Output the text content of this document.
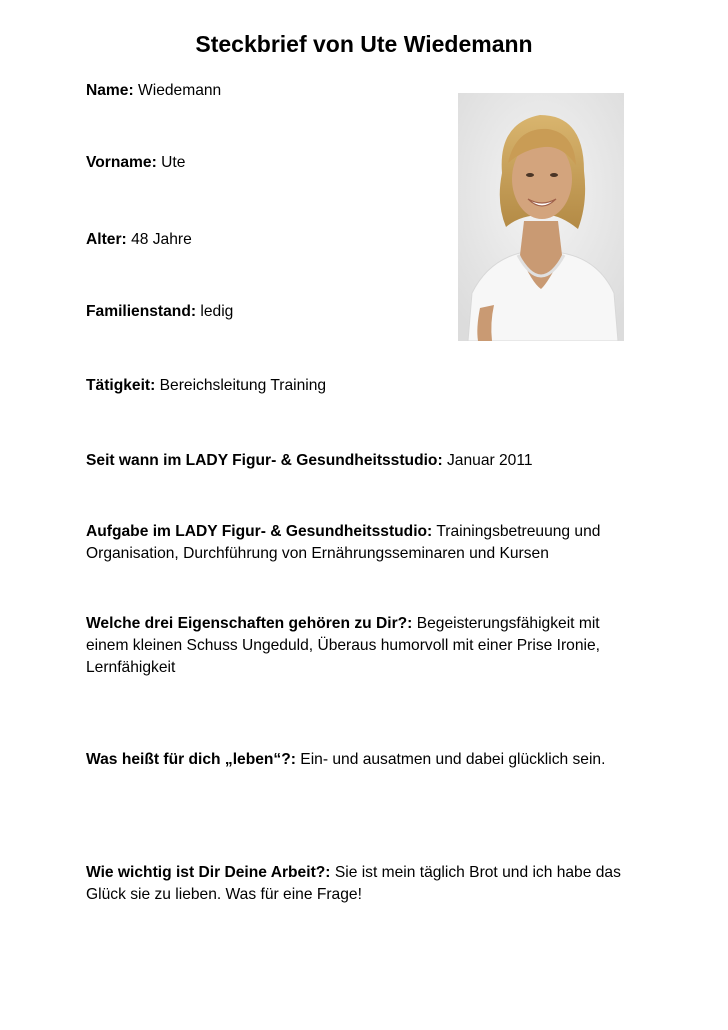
Steckbrief von Ute Wiedemann

Name: Wiedemann

Vorname: Ute

Alter: 48 Jahre

Familienstand: ledig

Tätigkeit: Bereichsleitung Training

Seit wann im LADY Figur- & Gesundheitsstudio: Januar 2011

Aufgabe im LADY Figur- & Gesundheitsstudio: Trainingsbetreuung und Organisation, Durchführung von Ernährungsseminaren und Kursen

Welche drei Eigenschaften gehören zu Dir?: Begeisterungsfähigkeit mit einem kleinen Schuss Ungeduld, Überaus humorvoll mit einer Prise Ironie, Lernfähigkeit

Was heißt für dich „leben“?: Ein- und ausatmen und dabei glücklich sein.

Wie wichtig ist Dir Deine Arbeit?: Sie ist mein täglich Brot und ich habe das Glück sie zu lieben. Was für eine Frage!
